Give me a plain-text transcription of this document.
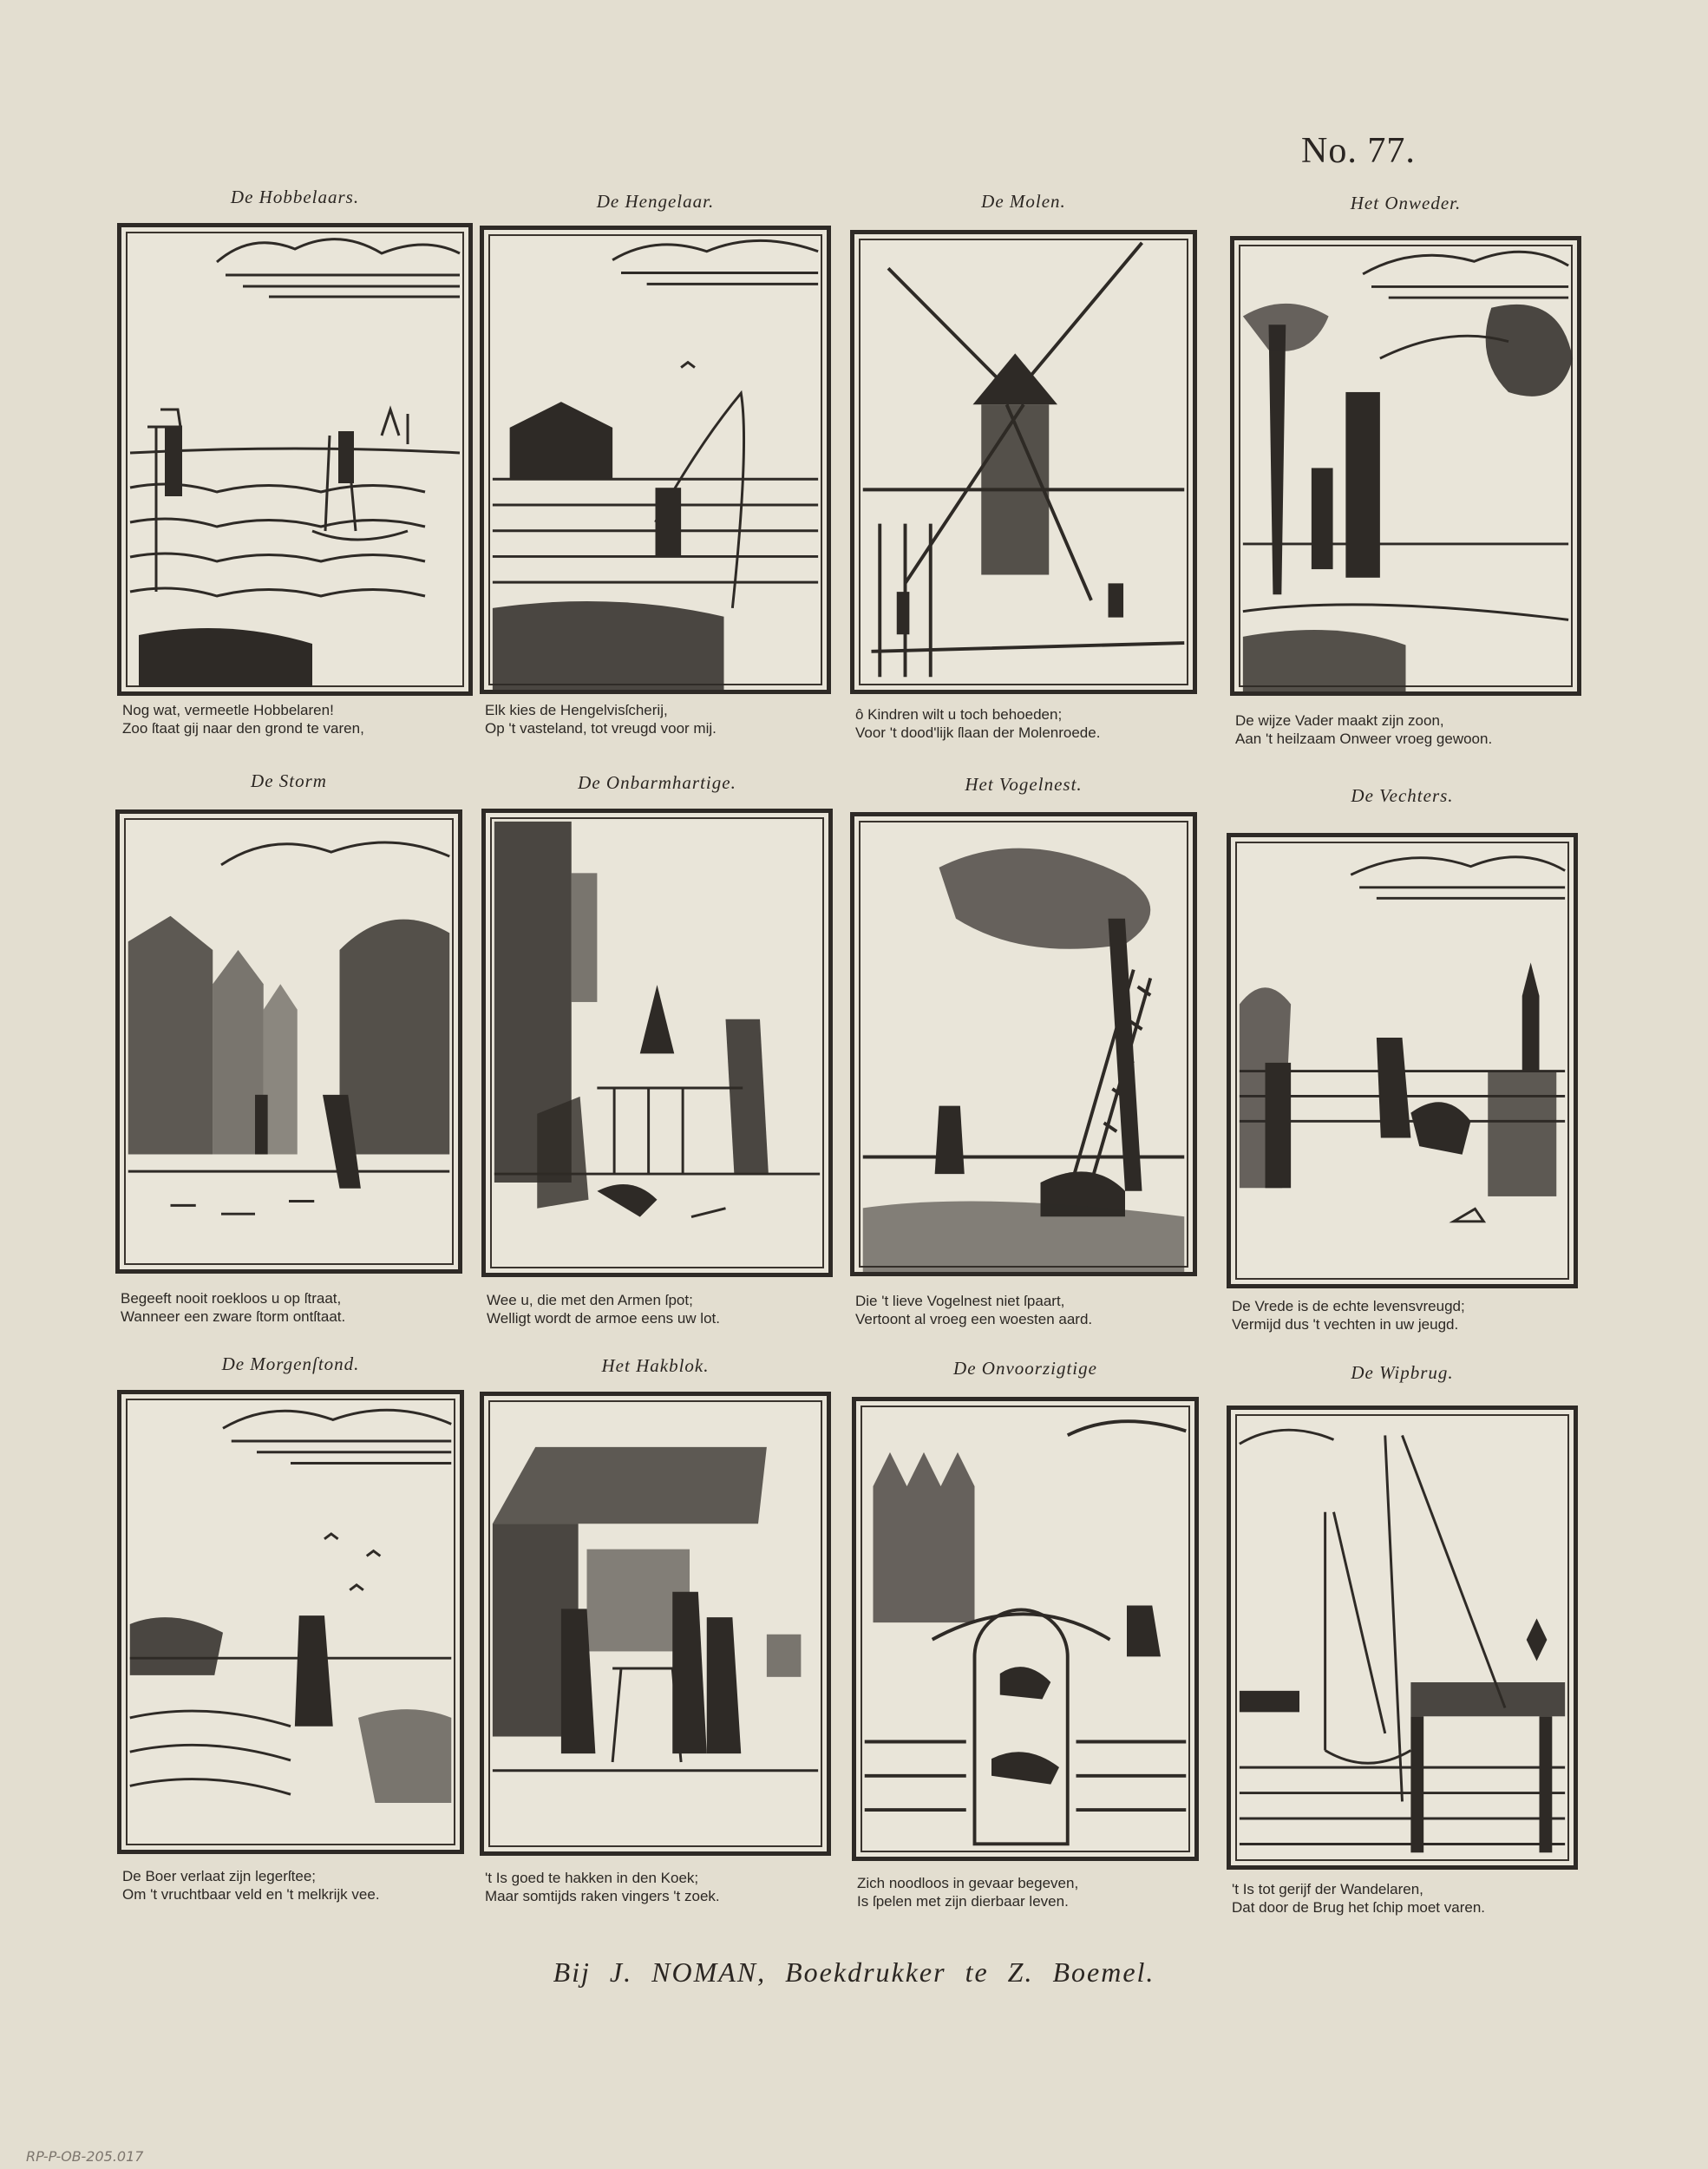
No. 77.
De Hobbelaars.
Nog wat, vermeetle Hobbelaren!
Zoo ſtaat gij naar den grond te varen,
De Hengelaar.
Elk kies de Hengelvisſcherij,
Op 't vasteland, tot vreugd voor mij.
De Molen.
ô Kindren wilt u toch behoeden;
Voor 't dood'lijk ſlaan der Molenroede.
Het Onweder.
De wijze Vader maakt zijn zoon,
Aan 't heilzaam Onweer vroeg gewoon.
De Storm
Begeeft nooit roekloos u op ſtraat,
Wanneer een zware ſtorm ontſtaat.
De Onbarmhartige.
Wee u, die met den Armen ſpot;
Welligt wordt de armoe eens uw lot.
Het Vogelnest.
Die 't lieve Vogelnest niet ſpaart,
Vertoont al vroeg een woesten aard.
De Vechters.
De Vrede is de echte levensvreugd;
Vermijd dus 't vechten in uw jeugd.
De Morgenſtond.
De Boer verlaat zijn legerſtee;
Om 't vruchtbaar veld en 't melkrijk vee.
Het Hakblok.
't Is goed te hakken in den Koek;
Maar somtijds raken vingers 't zoek.
De Onvoorzigtige
Zich noodloos in gevaar begeven,
Is ſpelen met zijn dierbaar leven.
De Wipbrug.
't Is tot gerijf der Wandelaren,
Dat door de Brug het ſchip moet varen.
Bij J. NOMAN, Boekdrukker te Z. Boemel.
RP-P-OB-205.017
